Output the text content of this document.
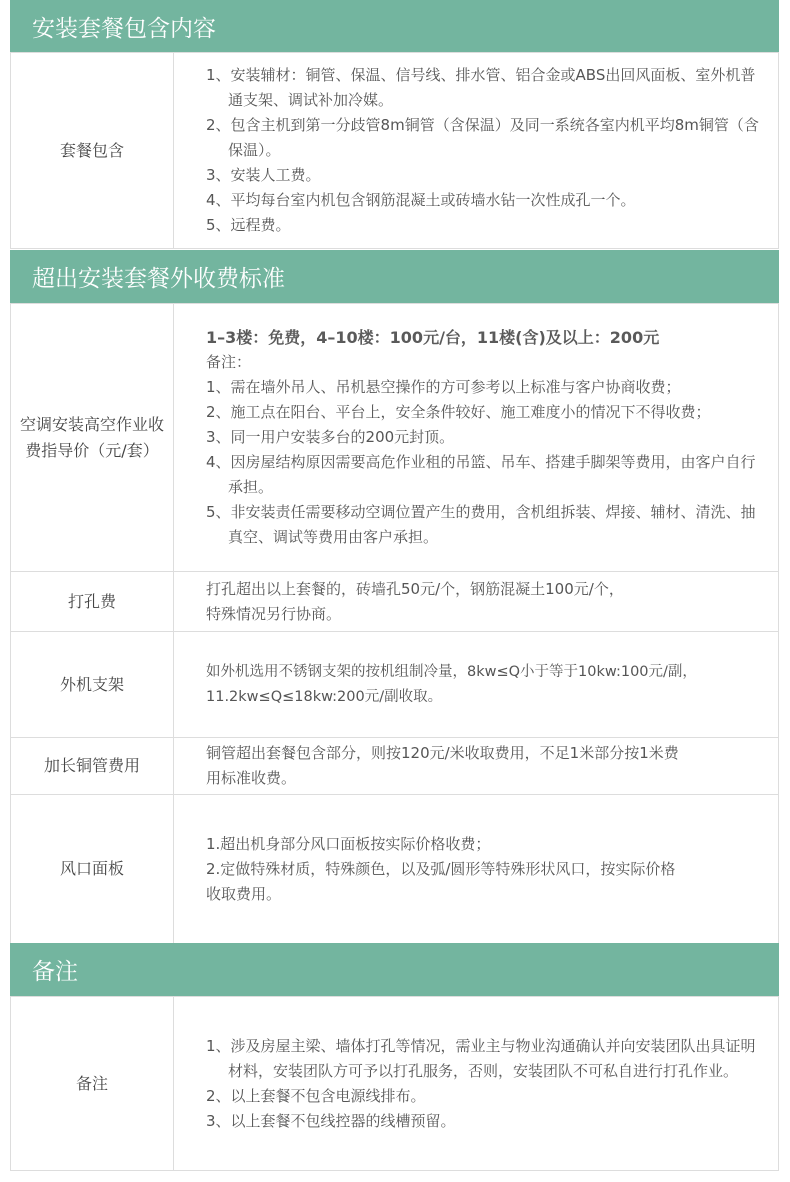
安装套餐包含内容
套餐包含
1、安装辅材：铜管、保温、信号线、排水管、铝合金或ABS出回风面板、室外机普通支架、调试补加冷媒。
2、包含主机到第一分歧管8m铜管（含保温）及同一系统各室内机平均8m铜管（含保温）。
3、安装人工费。
4、平均每台室内机包含钢筋混凝土或砖墙水钻一次性成孔一个。
5、远程费。
超出安装套餐外收费标准
空调安装高空作业收费指导价（元/套）
1–3楼：免费，4–10楼：100元/台，11楼(含)及以上：200元
备注：
1、需在墙外吊人、吊机悬空操作的方可参考以上标准与客户协商收费；
2、施工点在阳台、平台上，安全条件较好、施工难度小的情况下不得收费；
3、同一用户安装多台的200元封顶。
4、因房屋结构原因需要高危作业租的吊篮、吊车、搭建手脚架等费用，由客户自行承担。
5、非安装责任需要移动空调位置产生的费用，含机组拆装、焊接、辅材、清洗、抽真空、调试等费用由客户承担。
打孔费
打孔超出以上套餐的，砖墙孔50元/个，钢筋混凝土100元/个，
特殊情况另行协商。
外机支架
如外机选用不锈钢支架的按机组制冷量，8kw≤Q小于等于10kw:100元/副，
11.2kw≤Q≤18kw:200元/副收取。
加长铜管费用
铜管超出套餐包含部分，则按120元/米收取费用，不足1米部分按1米费
用标准收费。
风口面板
1.超出机身部分风口面板按实际价格收费；
2.定做特殊材质，特殊颜色，以及弧/圆形等特殊形状风口，按实际价格
收取费用。
备注
备注
1、涉及房屋主梁、墙体打孔等情况，需业主与物业沟通确认并向安装团队出具证明材料，安装团队方可予以打孔服务，否则，安装团队不可私自进行打孔作业。
2、以上套餐不包含电源线排布。
3、以上套餐不包线控器的线槽预留。
